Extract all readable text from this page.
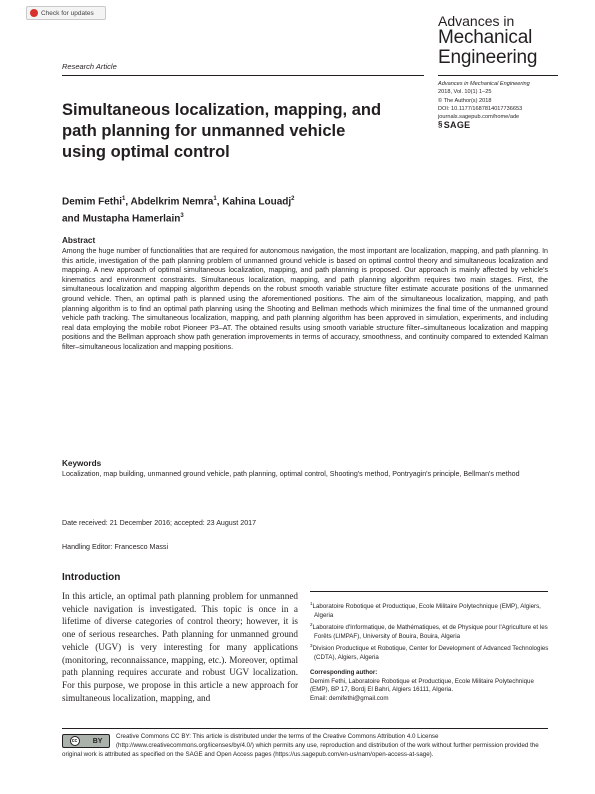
Check for updates	Advances in
Mechanical
Engineering
Research Article
Advances in Mechanical Engineering
2018, Vol. 10(1) 1–25
© The Author(s) 2018
DOI: 10.1177/1687814017736653
journals.sagepub.com/home/ade
§ SAGE
Simultaneous localization, mapping, and path planning for unmanned vehicle using optimal control
Demim Fethi$^1$, Abdelkrim Nemra$^1$, Kahina Louadj$^2$
and Mustapha Hamerlain$^3$
Abstract
Among the huge number of functionalities that are required for autonomous navigation, the most important are localization, mapping, and path planning. In this article, investigation of the path planning problem of unmanned ground vehicle is based on optimal control theory and simultaneous localization and mapping. A new approach of optimal simultaneous localization, mapping, and path planning is proposed. Our approach is mainly affected by vehicle's kinematics and environment constraints. Simultaneous localization, mapping, and path planning algorithm requires two main stages. First, the simultaneous localization and mapping algorithm depends on the robust smooth variable structure filter estimate accurate positions of the unmanned ground vehicle. Then, an optimal path is planned using the aforementioned positions. The aim of the simultaneous localization, mapping, and path planning algorithm is to find an optimal path planning using the Shooting and Bellman methods which minimizes the final time of the unmanned ground vehicle path tracking. The simultaneous localization, mapping, and path planning algorithm has been approved in simulation, experiments, and including real data employing the mobile robot Pioneer P3–AT. The obtained results using smooth variable structure filter–simultaneous localization and mapping positions and the Bellman approach show path generation improvements in terms of accuracy, smoothness, and continuity compared to extended Kalman filter–simultaneous localization and mapping positions.
Keywords
Localization, map building, unmanned ground vehicle, path planning, optimal control, Shooting's method, Pontryagin's principle, Bellman's method
Date received: 21 December 2016; accepted: 23 August 2017
Handling Editor: Francesco Massi
Introduction
In this article, an optimal path planning problem for unmanned vehicle navigation is investigated. This topic is once in a lifetime of diverse categories of control theory; however, it is one of serious researches. Path planning for unmanned ground vehicle (UGV) is very interesting for many applications (monitoring, reconnaissance, mapping, etc.). Moreover, optimal path planning requires accurate and robust UGV localization. For this purpose, we propose in this article a new approach for simultaneous localization, mapping, and
$^1$Laboratoire Robotique et Productique, Ecole Militaire Polytechnique (EMP), Algiers, Algeria
$^2$Laboratoire d'Informatique, de Mathématiques, et de Physique pour l'Agriculture et les Forêts (LIMPAF), University of Bouira, Bouira, Algeria
$^3$Division Productique et Robotique, Center for Development of Advanced Technologies (CDTA), Algiers, Algeria
Corresponding author:
Demim Fethi, Laboratoire Robotique et Productique, Ecole Militaire Polytechnique (EMP), BP 17, Bordj El Bahri, Algiers 16111, Algeria.
Email: demifethi@gmail.com
cc	BY
Creative Commons CC BY: This article is distributed under the terms of the Creative Commons Attribution 4.0 License (http://www.creativecommons.org/licenses/by/4.0/) which permits any use, reproduction and distribution of the work without further permission provided the original work is attributed as specified on the SAGE and Open Access pages (https://us.sagepub.com/en-us/nam/open-access-at-sage).
